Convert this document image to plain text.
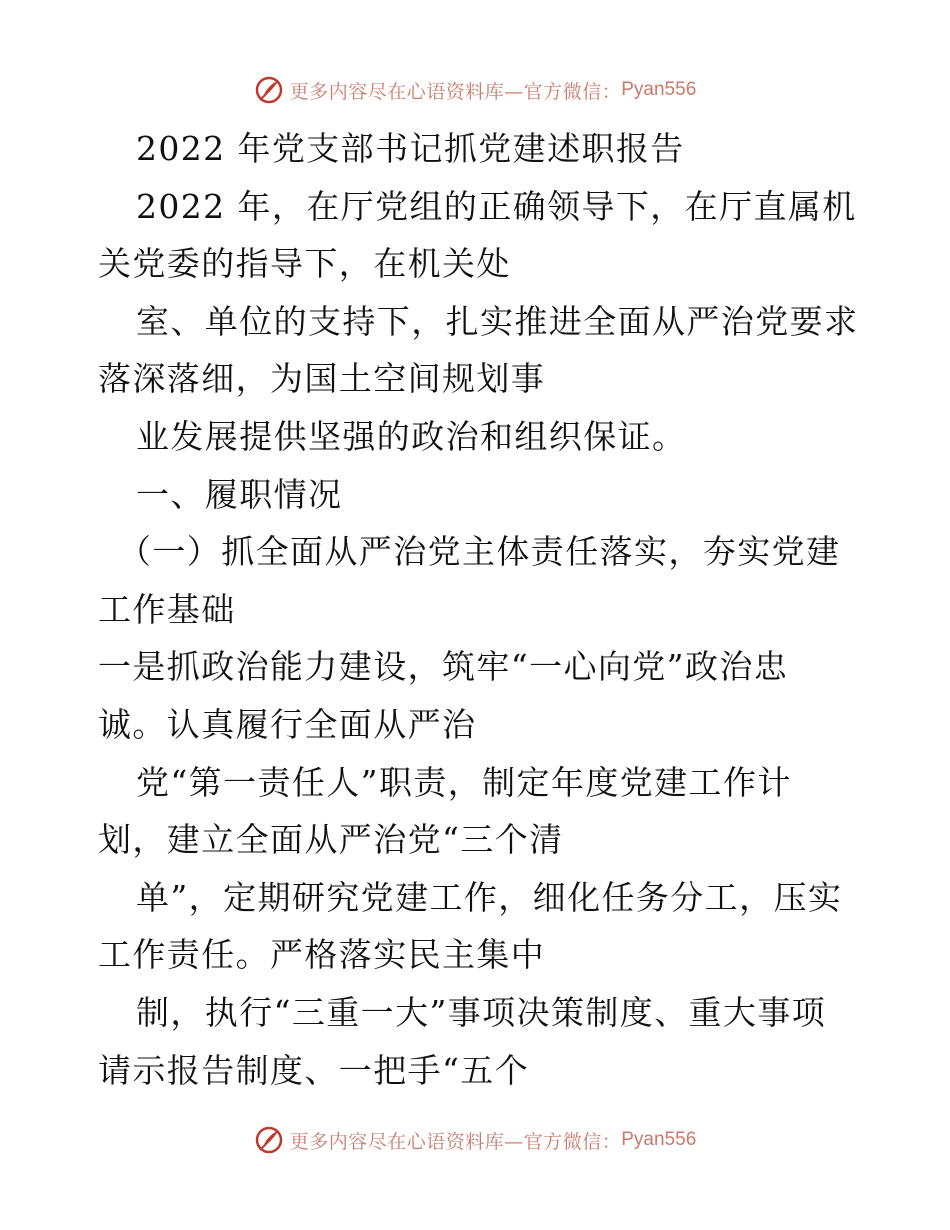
更多内容尽在心语资料库—官方微信： Pyan556
2022 年党支部书记抓党建述职报告
2022 年，在厅党组的正确领导下，在厅直属机
关党委的指导下，在机关处
室、单位的支持下，扎实推进全面从严治党要求
落深落细，为国土空间规划事
业发展提供坚强的政治和组织保证。
一、履职情况
（一）抓全面从严治党主体责任落实，夯实党建
工作基础
一是抓政治能力建设，筑牢“一心向党”政治忠
诚。认真履行全面从严治
党“第一责任人”职责，制定年度党建工作计
划，建立全面从严治党“三个清
单”，定期研究党建工作，细化任务分工，压实
工作责任。严格落实民主集中
制，执行“三重一大”事项决策制度、重大事项
请示报告制度、一把手“五个
更多内容尽在心语资料库—官方微信： Pyan556
